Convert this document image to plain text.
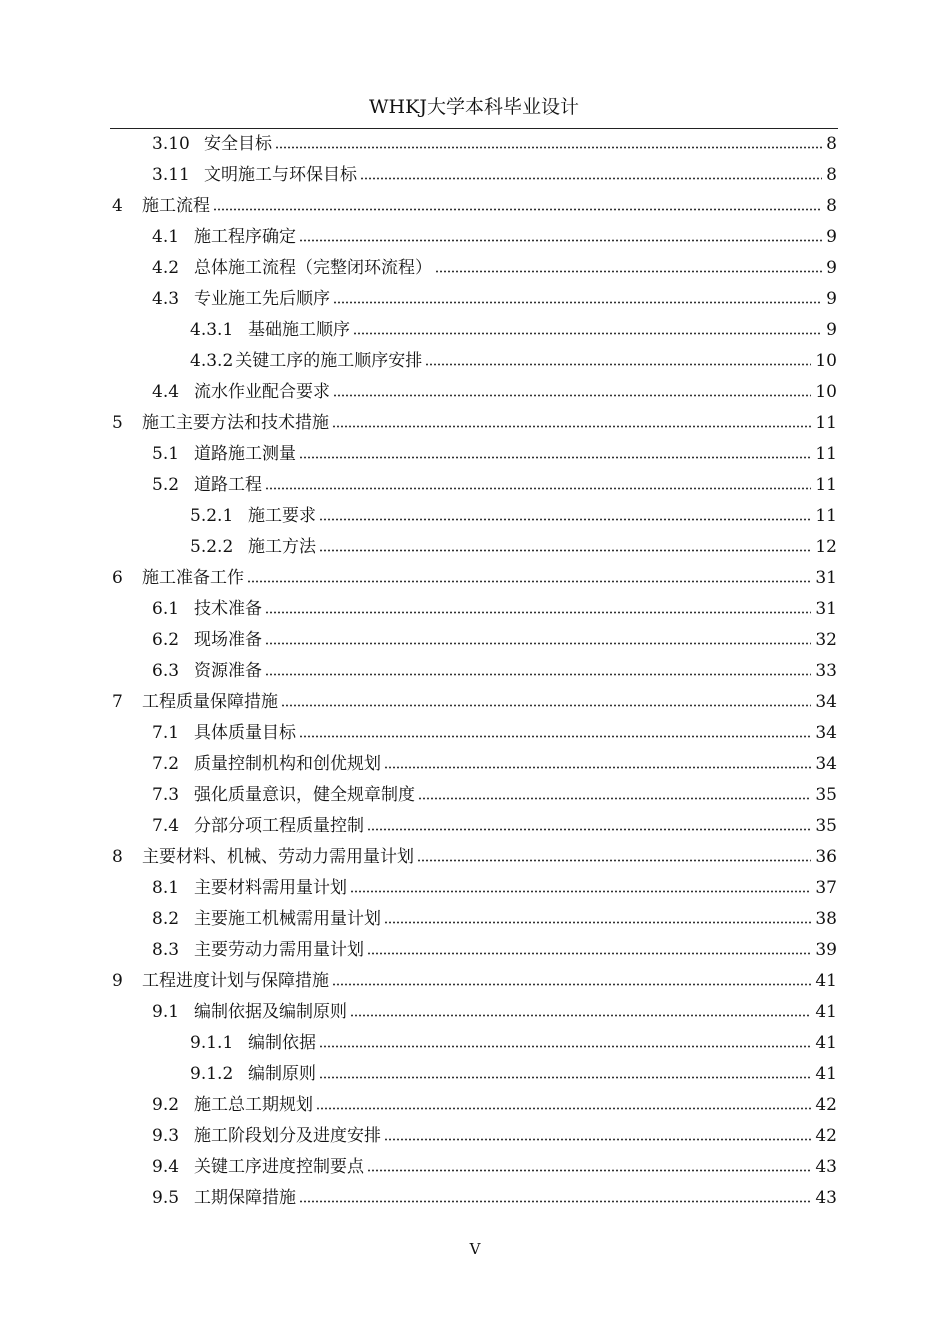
WHKJ大学本科毕业设计
3.10 安全目标	8
3.11 文明施工与环保目标	8
4	施工流程	8
4.1 施工程序确定	9
4.2 总体施工流程（完整闭环流程）	9
4.3 专业施工先后顺序	9
4.3.1 基础施工顺序	9
4.3.2 关键工序的施工顺序安排	10
4.4 流水作业配合要求	10
5	施工主要方法和技术措施	11
5.1 道路施工测量	11
5.2 道路工程	11
5.2.1 施工要求	11
5.2.2 施工方法	12
6	施工准备工作	31
6.1 技术准备	31
6.2 现场准备	32
6.3 资源准备	33
7	工程质量保障措施	34
7.1 具体质量目标	34
7.2 质量控制机构和创优规划	34
7.3 强化质量意识，健全规章制度	35
7.4 分部分项工程质量控制	35
8	主要材料、机械、劳动力需用量计划	36
8.1 主要材料需用量计划	37
8.2 主要施工机械需用量计划	38
8.3 主要劳动力需用量计划	39
9	工程进度计划与保障措施	41
9.1 编制依据及编制原则	41
9.1.1 编制依据	41
9.1.2 编制原则	41
9.2 施工总工期规划	42
9.3 施工阶段划分及进度安排	42
9.4 关键工序进度控制要点	43
9.5 工期保障措施	43
V
